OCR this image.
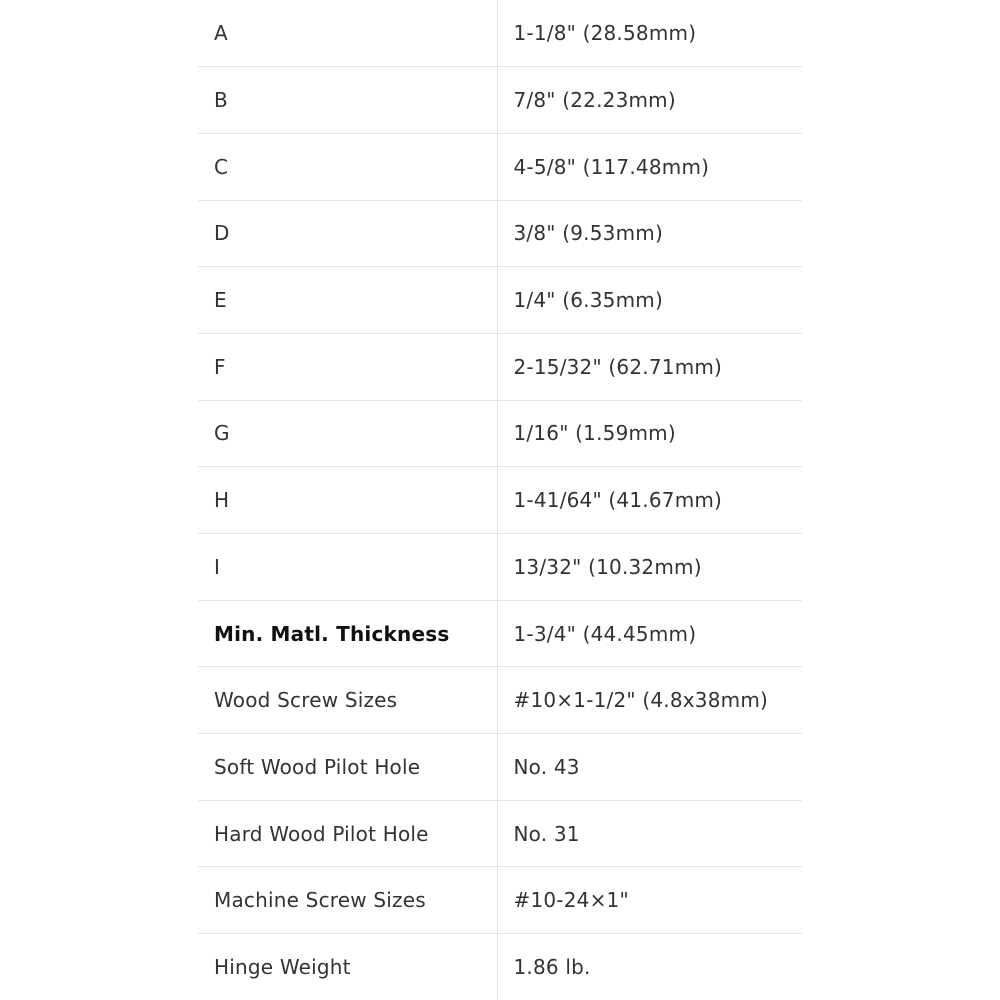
A	1-1/8" (28.58mm)
B	7/8" (22.23mm)
C	4-5/8" (117.48mm)
D	3/8" (9.53mm)
E	1/4" (6.35mm)
F	2-15/32" (62.71mm)
G	1/16" (1.59mm)
H	1-41/64" (41.67mm)
I	13/32" (10.32mm)
Min. Matl. Thickness	1-3/4" (44.45mm)
Wood Screw Sizes	#10×1-1/2" (4.8x38mm)
Soft Wood Pilot Hole	No. 43
Hard Wood Pilot Hole	No. 31
Machine Screw Sizes	#10-24×1"
Hinge Weight	1.86 lb.
